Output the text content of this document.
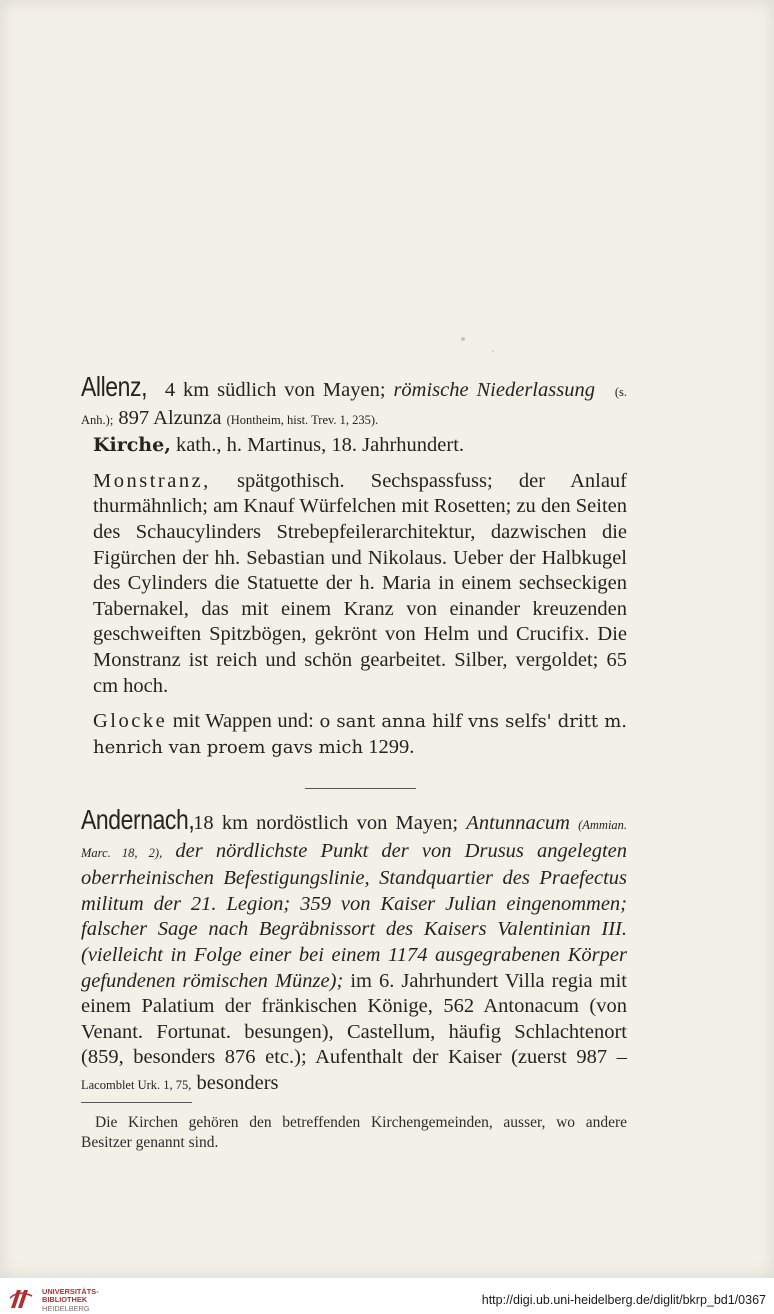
Allenz, 4 km südlich von Mayen; römische Niederlassung (s. Anh.); 897 Alzunza (Hontheim, hist. Trev. 1, 235).

Kirche, kath., h. Martinus, 18. Jahrhundert.

Monstranz, spätgothisch. Sechspassfuss; der Anlauf thurmähnlich; am Knauf Würfelchen mit Rosetten; zu den Seiten des Schaucylinders Strebepfeilerarchitektur, dazwischen die Figürchen der hh. Sebastian und Nikolaus. Ueber der Halbkugel des Cylinders die Statuette der h. Maria in einem sechseckigen Tabernakel, das mit einem Kranz von einander kreuzenden geschweiften Spitzbögen, gekrönt von Helm und Crucifix. Die Monstranz ist reich und schön gearbeitet. Silber, vergoldet; 65 cm hoch.

Glocke mit Wappen und: o sant anna hilf vns selfs' dritt m. henrich van proem gavs mich 1299.

Andernach, 18 km nordöstlich von Mayen; Antunnacum (Ammian. Marc. 18, 2), der nördlichste Punkt der von Drusus angelegten oberrheinischen Befestigungslinie, Standquartier des Praefectus militum der 21. Legion; 359 von Kaiser Julian eingenommen; falscher Sage nach Begräbnissort des Kaisers Valentinian III. (vielleicht in Folge einer bei einem 1174 ausgegrabenen Körper gefundenen römischen Münze); im 6. Jahrhundert Villa regia mit einem Palatium der fränkischen Könige, 562 Antonacum (von Venant. Fortunat. besungen), Castellum, häufig Schlachtenort (859, besonders 876 etc.); Aufenthalt der Kaiser (zuerst 987 – Lacomblet Urk. 1, 75, besonders

Die Kirchen gehören den betreffenden Kirchengemeinden, ausser, wo andere Besitzer genannt sind.

UNIVERSITÄTS-
BIBLIOTHEK
HEIDELBERG
http://digi.ub.uni-heidelberg.de/diglit/bkrp_bd1/0367
